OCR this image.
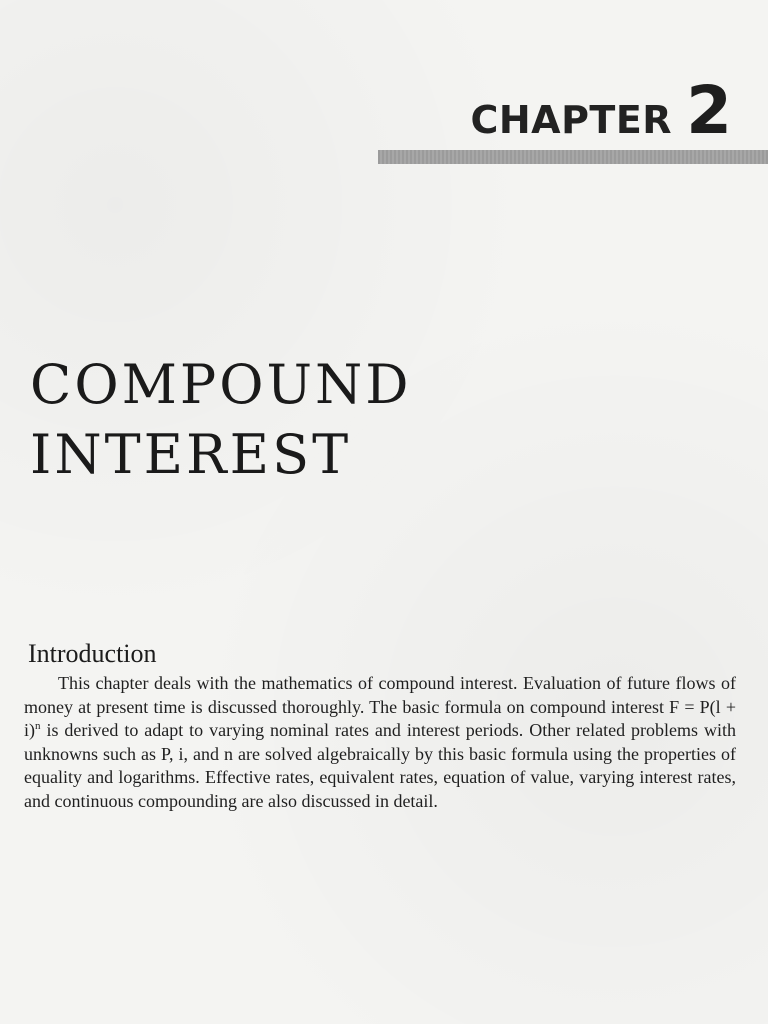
CHAPTER 2
COMPOUND
INTEREST
Introduction

This chapter deals with the mathematics of compound interest. Evaluation of future flows of money at present time is discussed thoroughly. The basic formula on compound interest $F = P(l + i)^n$ is derived to adapt to varying nominal rates and interest periods. Other related problems with unknowns such as P, i, and n are solved algebraically by this basic formula using the properties of equality and logarithms. Effective rates, equivalent rates, equation of value, varying interest rates, and continuous compounding are also discussed in detail.
